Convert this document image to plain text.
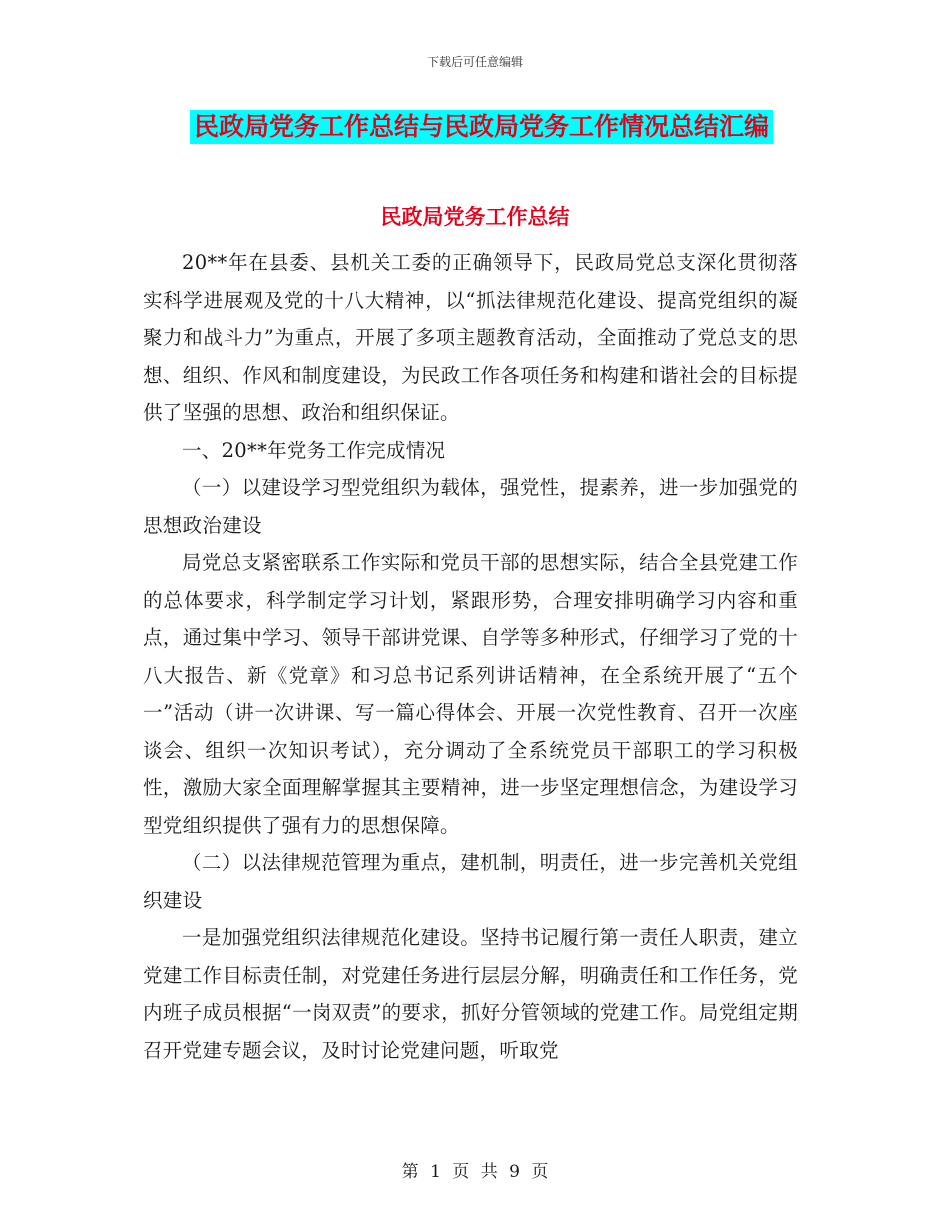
下载后可任意编辑
民政局党务工作总结与民政局党务工作情况总结汇编
民政局党务工作总结

20**年在县委、县机关工委的正确领导下，民政局党总支深化贯彻落实科学进展观及党的十八大精神，以“抓法律规范化建设、提高党组织的凝聚力和战斗力”为重点，开展了多项主题教育活动，全面推动了党总支的思想、组织、作风和制度建设，为民政工作各项任务和构建和谐社会的目标提供了坚强的思想、政治和组织保证。

一、20**年党务工作完成情况

（一）以建设学习型党组织为载体，强党性，提素养，进一步加强党的思想政治建设

局党总支紧密联系工作实际和党员干部的思想实际，结合全县党建工作的总体要求，科学制定学习计划，紧跟形势，合理安排明确学习内容和重点，通过集中学习、领导干部讲党课、自学等多种形式，仔细学习了党的十八大报告、新《党章》和习总书记系列讲话精神，在全系统开展了“五个一”活动（讲一次讲课、写一篇心得体会、开展一次党性教育、召开一次座谈会、组织一次知识考试），充分调动了全系统党员干部职工的学习积极性，激励大家全面理解掌握其主要精神，进一步坚定理想信念，为建设学习型党组织提供了强有力的思想保障。

（二）以法律规范管理为重点，建机制，明责任，进一步完善机关党组织建设

一是加强党组织法律规范化建设。坚持书记履行第一责任人职责，建立党建工作目标责任制，对党建任务进行层层分解，明确责任和工作任务，党内班子成员根据“一岗双责”的要求，抓好分管领域的党建工作。局党组定期召开党建专题会议，及时讨论党建问题，听取党

第 1 页 共 9 页
